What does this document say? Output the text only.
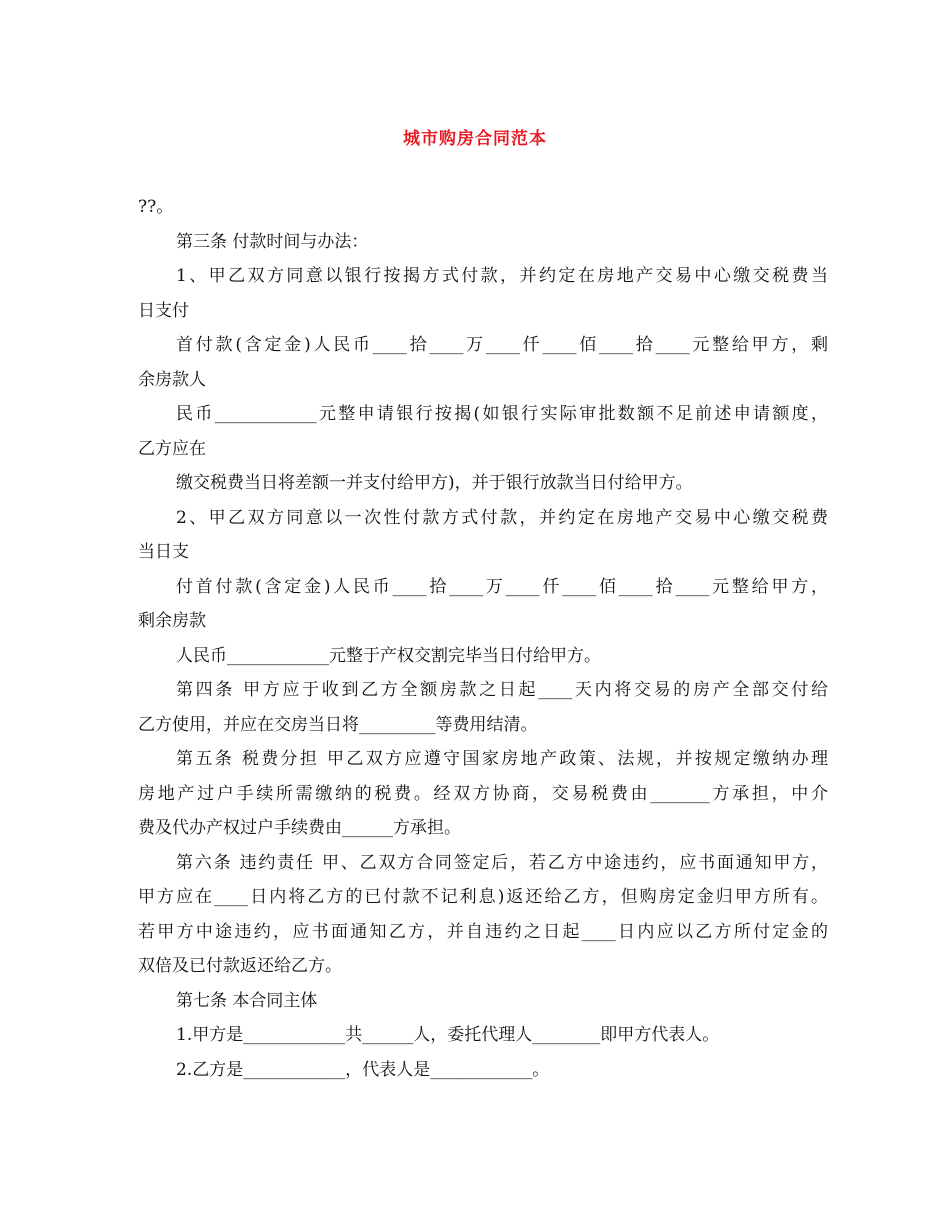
城市购房合同范本
??。
第三条 付款时间与办法：
1、甲乙双方同意以银行按揭方式付款，并约定在房地产交易中心缴交税费当
日支付
首付款(含定金)人民币____拾____万____仟____佰____拾____元整给甲方，剩
余房款人
民币____________元整申请银行按揭(如银行实际审批数额不足前述申请额度，
乙方应在
缴交税费当日将差额一并支付给甲方)，并于银行放款当日付给甲方。
2、甲乙双方同意以一次性付款方式付款，并约定在房地产交易中心缴交税费
当日支
付首付款(含定金)人民币____拾____万____仟____佰____拾____元整给甲方，
剩余房款
人民币____________元整于产权交割完毕当日付给甲方。
第四条 甲方应于收到乙方全额房款之日起____天内将交易的房产全部交付给
乙方使用，并应在交房当日将_________等费用结清。
第五条 税费分担 甲乙双方应遵守国家房地产政策、法规，并按规定缴纳办理
房地产过户手续所需缴纳的税费。经双方协商，交易税费由_______方承担，中介
费及代办产权过户手续费由______方承担。
第六条 违约责任 甲、乙双方合同签定后，若乙方中途违约，应书面通知甲方，
甲方应在____日内将乙方的已付款不记利息)返还给乙方，但购房定金归甲方所有。
若甲方中途违约，应书面通知乙方，并自违约之日起____日内应以乙方所付定金的
双倍及已付款返还给乙方。
第七条 本合同主体
1.甲方是____________共______人，委托代理人________即甲方代表人。
2.乙方是____________，代表人是____________。
